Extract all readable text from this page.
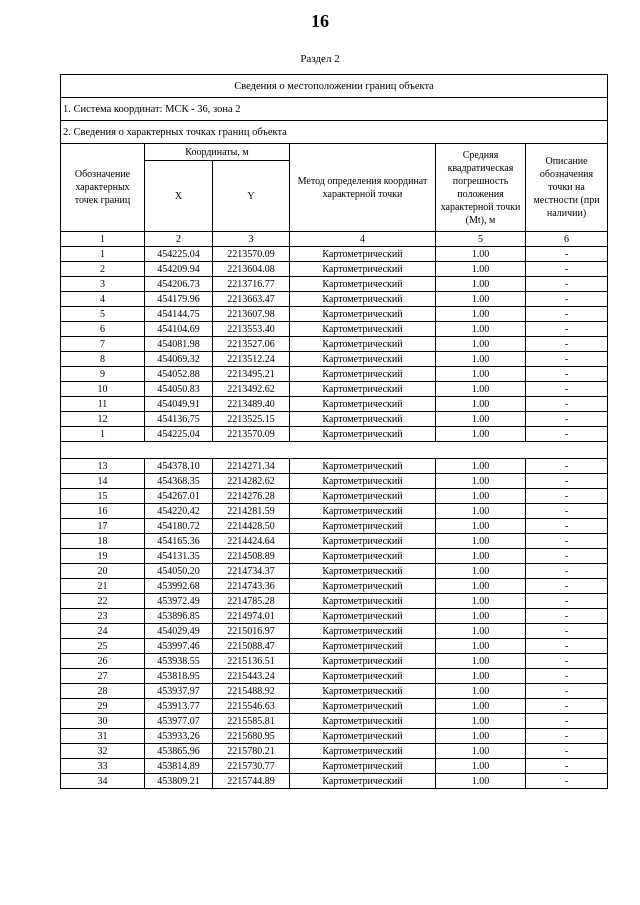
16
Раздел 2
Сведения о местоположении границ объекта					
1. Система координат: МСК - 36, зона 2					
2. Сведения о характерных точках границ объекта					
Обозначение характерных точек границ	Координаты, м		Метод определения координат характерной точки	Средняя квадратическая погрешность положения характерной точки (Mt), м	Описание обозначения точки на местности (при наличии)
	X	Y			
1	2	3	4	5	6
1	454225.04	2213570.09	Картометрический	1.00	-
2	454209.94	2213604.08	Картометрический	1.00	-
3	454206.73	2213716.77	Картометрический	1.00	-
4	454179.96	2213663.47	Картометрический	1.00	-
5	454144.75	2213607.98	Картометрический	1.00	-
6	454104.69	2213553.40	Картометрический	1.00	-
7	454081.98	2213527.06	Картометрический	1.00	-
8	454069.32	2213512.24	Картометрический	1.00	-
9	454052.88	2213495.21	Картометрический	1.00	-
10	454050.83	2213492.62	Картометрический	1.00	-
11	454049.91	2213489.40	Картометрический	1.00	-
12	454136.75	2213525.15	Картометрический	1.00	-
1	454225.04	2213570.09	Картометрический	1.00	-

13	454378.10	2214271.34	Картометрический	1.00	-
14	454368.35	2214282.62	Картометрический	1.00	-
15	454267.01	2214276.28	Картометрический	1.00	-
16	454220.42	2214281.59	Картометрический	1.00	-
17	454180.72	2214428.50	Картометрический	1.00	-
18	454165.36	2214424.64	Картометрический	1.00	-
19	454131.35	2214508.89	Картометрический	1.00	-
20	454050.20	2214734.37	Картометрический	1.00	-
21	453992.68	2214743.36	Картометрический	1.00	-
22	453972.49	2214785.28	Картометрический	1.00	-
23	453896.85	2214974.01	Картометрический	1.00	-
24	454029.49	2215016.97	Картометрический	1.00	-
25	453997.46	2215088.47	Картометрический	1.00	-
26	453938.55	2215136.51	Картометрический	1.00	-
27	453818.95	2215443.24	Картометрический	1.00	-
28	453937.97	2215488.92	Картометрический	1.00	-
29	453913.77	2215546.63	Картометрический	1.00	-
30	453977.07	2215585.81	Картометрический	1.00	-
31	453933.26	2215680.95	Картометрический	1.00	-
32	453865.96	2215780.21	Картометрический	1.00	-
33	453814.89	2215730.77	Картометрический	1.00	-
34	453809.21	2215744.89	Картометрический	1.00	-
